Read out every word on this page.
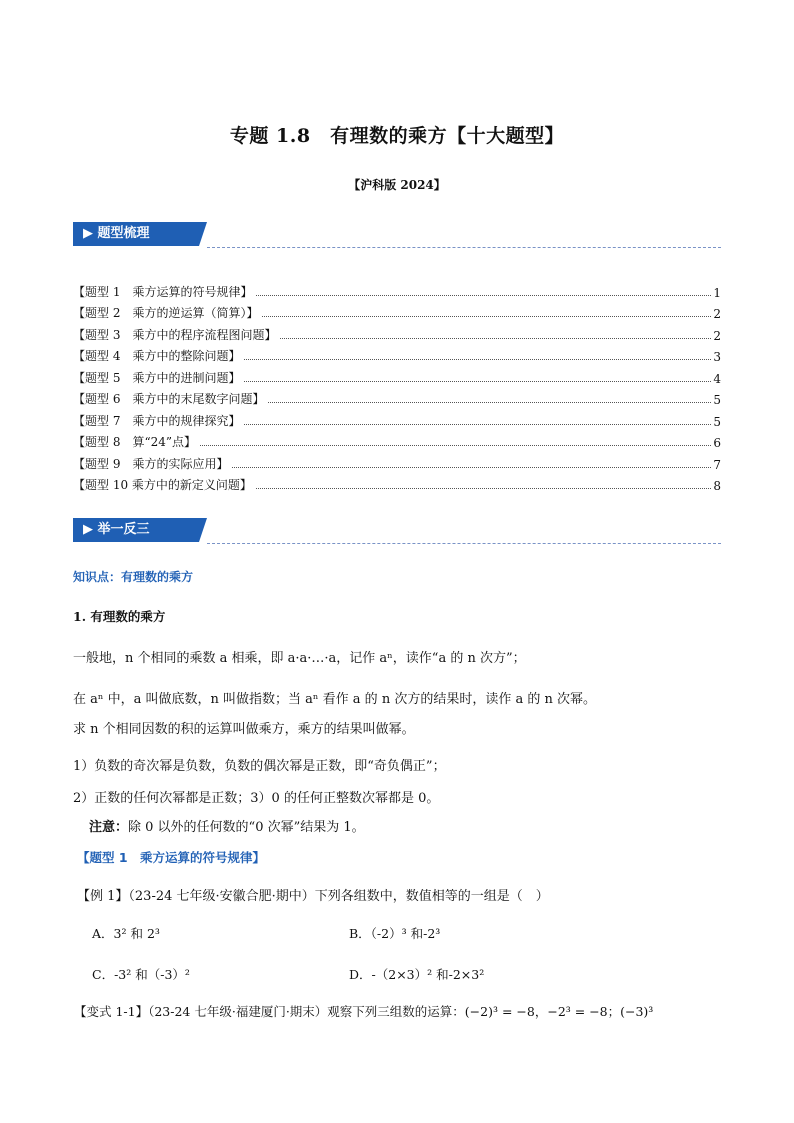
专题 1.8　有理数的乘方【十大题型】
【沪科版 2024】
▶ 题型梳理
【题型 1　乘方运算的符号规律】	1
【题型 2　乘方的逆运算（简算）】	2
【题型 3　乘方中的程序流程图问题】	2
【题型 4　乘方中的整除问题】	3
【题型 5　乘方中的进制问题】	4
【题型 6　乘方中的末尾数字问题】	5
【题型 7　乘方中的规律探究】	5
【题型 8　算“24”点】	6
【题型 9　乘方的实际应用】	7
【题型 10 乘方中的新定义问题】	8
▶ 举一反三
知识点：有理数的乘方
1. 有理数的乘方
一般地，n 个相同的乘数 a 相乘，即 a·a·…·a，记作 aⁿ，读作“a 的 n 次方”；
在 aⁿ 中，a 叫做底数，n 叫做指数；当 aⁿ 看作 a 的 n 次方的结果时，读作 a 的 n 次幂。
求 n 个相同因数的积的运算叫做乘方，乘方的结果叫做幂。
1）负数的奇次幂是负数，负数的偶次幂是正数，即“奇负偶正”；
2）正数的任何次幂都是正数；3）0 的任何正整数次幂都是 0。
注意：除 0 以外的任何数的“0 次幂”结果为 1。
【题型 1　乘方运算的符号规律】
【例 1】（23-24 七年级·安徽合肥·期中）下列各组数中，数值相等的一组是（　）
A．3² 和 2³	B．（-2）³ 和-2³
C．-3² 和（-3）²	D．-（2×3）² 和-2×3²
【变式 1-1】（23-24 七年级·福建厦门·期末）观察下列三组数的运算：(−2)³ = −8，−2³ = −8；(−3)³
